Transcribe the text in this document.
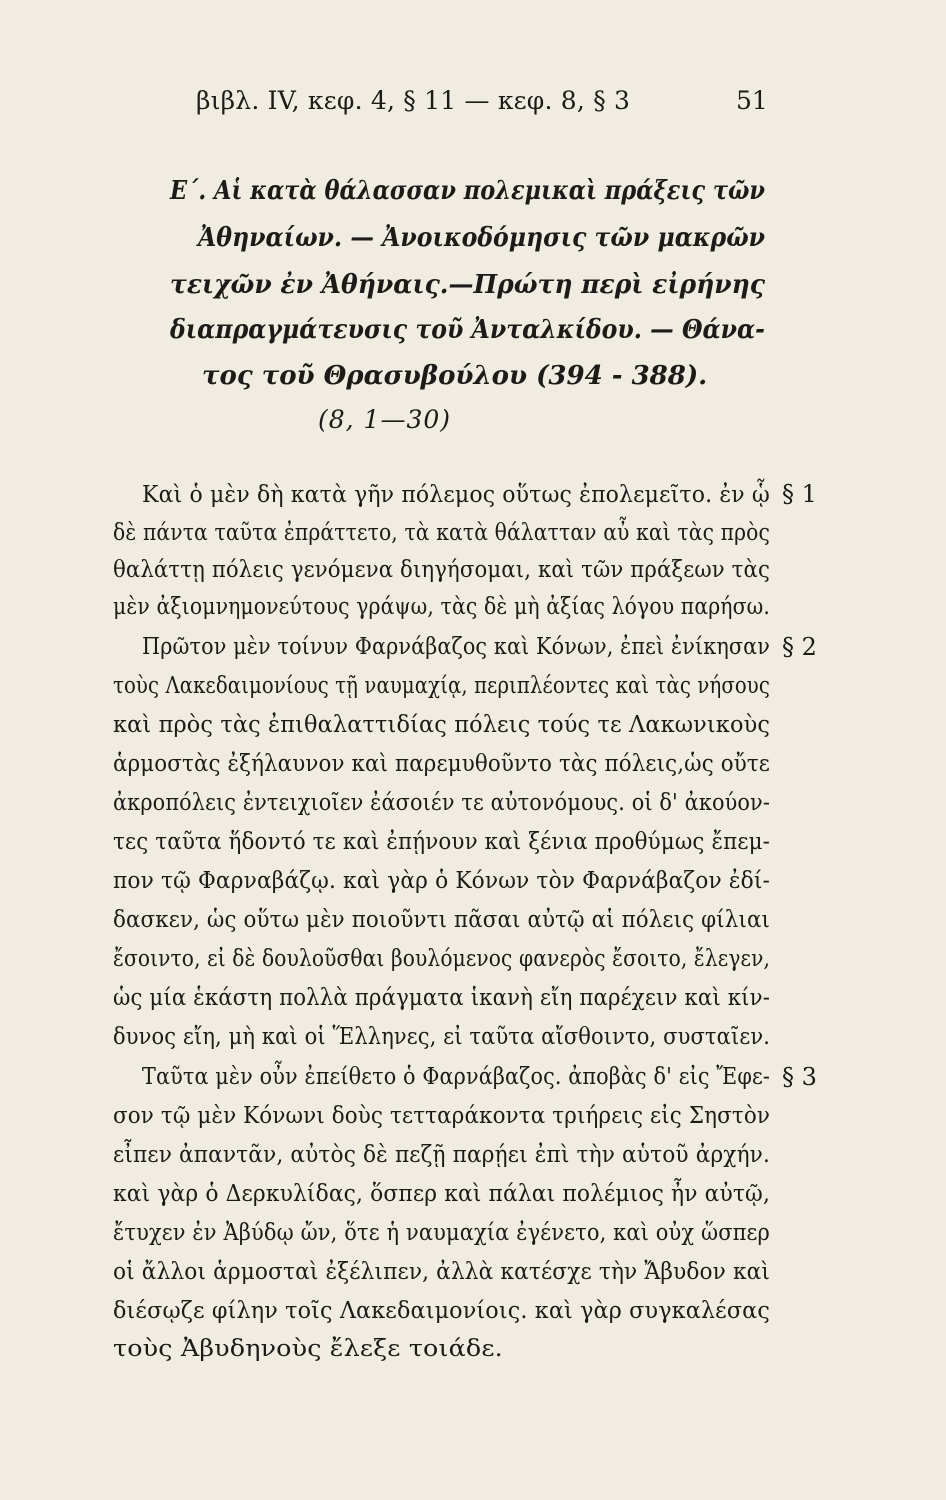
βιβλ. IV, κεφ. 4, § 11 — κεφ. 8, § 3	51
Ε΄. Αἱ κατὰ θάλασσαν πολεμικαὶ πράξεις τῶν
Ἀθηναίων. — Ἀνοικοδόμησις τῶν μακρῶν
τειχῶν ἐν Ἀθήναις.—Πρώτη περὶ εἰρήνης
διαπραγμάτευσις τοῦ Ἀνταλκίδου. — Θάνα-
τος τοῦ Θρασυβούλου (394 - 388).
(8, 1—30)
Καὶ ὁ μὲν δὴ κατὰ γῆν πόλεμος οὕτως ἐπολεμεῖτο. ἐν ᾧ
δὲ πάντα ταῦτα ἐπράττετο, τὰ κατὰ θάλατταν αὖ καὶ τὰς πρὸς
θαλάττῃ πόλεις γενόμενα διηγήσομαι, καὶ τῶν πράξεων τὰς
μὲν ἀξιομνημονεύτους γράψω, τὰς δὲ μὴ ἀξίας λόγου παρήσω.
Πρῶτον μὲν τοίνυν Φαρνάβαζος καὶ Κόνων, ἐπεὶ ἐνίκησαν
τοὺς Λακεδαιμονίους τῇ ναυμαχίᾳ, περιπλέοντες καὶ τὰς νήσους
καὶ πρὸς τὰς ἐπιθαλαττιδίας πόλεις τούς τε Λακωνικοὺς
ἁρμοστὰς ἐξήλαυνον καὶ παρεμυθοῦντο τὰς πόλεις,ὡς οὔτε
ἀκροπόλεις ἐντειχιοῖεν ἐάσοιέν τε αὐτονόμους. οἱ δ' ἀκούον-
τες ταῦτα ἥδοντό τε καὶ ἐπῄνουν καὶ ξένια προθύμως ἔπεμ-
πον τῷ Φαρναβάζῳ. καὶ γὰρ ὁ Κόνων τὸν Φαρνάβαζον ἐδί-
δασκεν, ὡς οὕτω μὲν ποιοῦντι πᾶσαι αὐτῷ αἱ πόλεις φίλιαι
ἔσοιντο, εἰ δὲ δουλοῦσθαι βουλόμενος φανερὸς ἔσοιτο, ἔλεγεν,
ὡς μία ἑκάστη πολλὰ πράγματα ἱκανὴ εἴη παρέχειν καὶ κίν-
δυνος εἴη, μὴ καὶ οἱ Ἕλληνες, εἰ ταῦτα αἴσθοιντο, συσταῖεν.
Ταῦτα μὲν οὖν ἐπείθετο ὁ Φαρνάβαζος. ἀποβὰς δ' εἰς Ἔφε-
σον τῷ μὲν Κόνωνι δοὺς τετταράκοντα τριήρεις εἰς Σηστὸν
εἶπεν ἀπαντᾶν, αὐτὸς δὲ πεζῇ παρῄει ἐπὶ τὴν αὑτοῦ ἀρχήν.
καὶ γὰρ ὁ Δερκυλίδας, ὅσπερ καὶ πάλαι πολέμιος ἦν αὐτῷ,
ἔτυχεν ἐν Ἀβύδῳ ὤν, ὅτε ἡ ναυμαχία ἐγένετο, καὶ οὐχ ὥσπερ
οἱ ἄλλοι ἁρμοσταὶ ἐξέλιπεν, ἀλλὰ κατέσχε τὴν Ἄβυδον καὶ
διέσῳζε φίλην τοῖς Λακεδαιμονίοις. καὶ γὰρ συγκαλέσας
τοὺς Ἀβυδηνοὺς ἔλεξε τοιάδε.
§ 1
§ 2
§ 3
